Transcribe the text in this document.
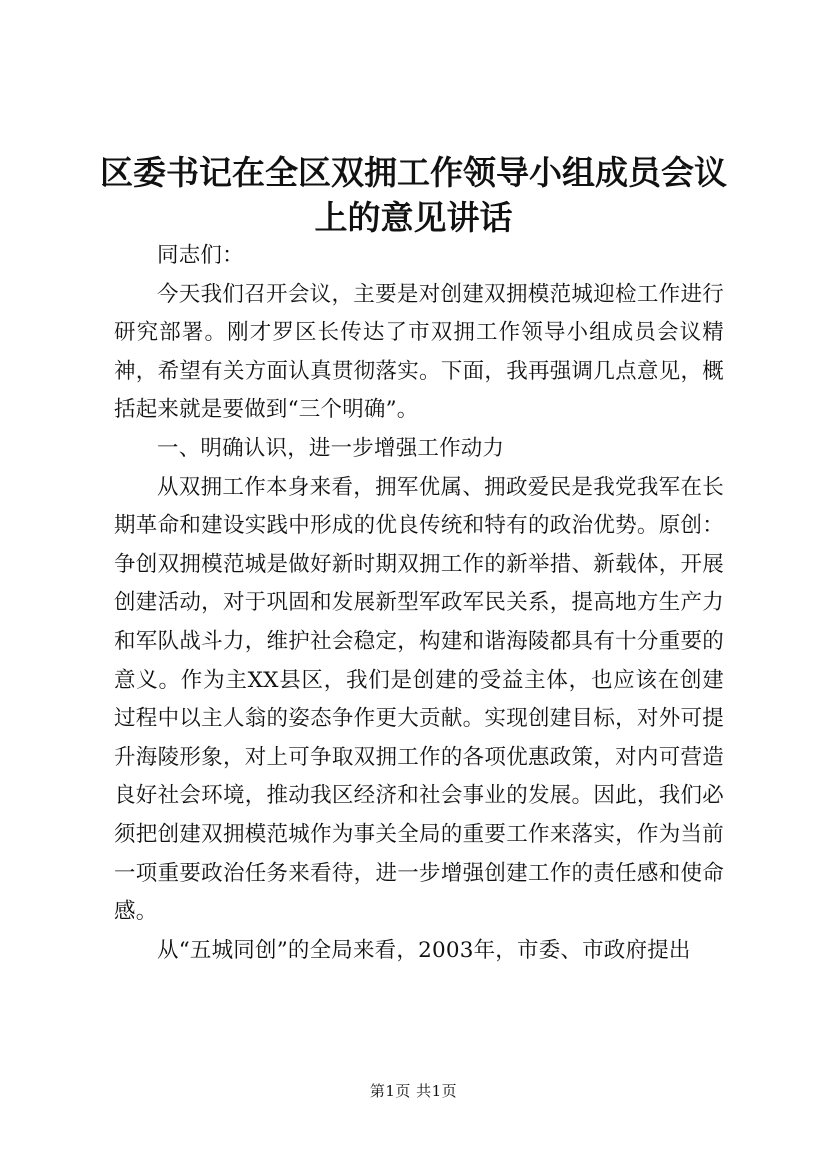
区委书记在全区双拥工作领导小组成员会议上的意见讲话

同志们：

今天我们召开会议，主要是对创建双拥模范城迎检工作进行研究部署。刚才罗区长传达了市双拥工作领导小组成员会议精神，希望有关方面认真贯彻落实。下面，我再强调几点意见，概括起来就是要做到“三个明确”。

一、明确认识，进一步增强工作动力

从双拥工作本身来看，拥军优属、拥政爱民是我党我军在长期革命和建设实践中形成的优良传统和特有的政治优势。原创：争创双拥模范城是做好新时期双拥工作的新举措、新载体，开展创建活动，对于巩固和发展新型军政军民关系，提高地方生产力和军队战斗力，维护社会稳定，构建和谐海陵都具有十分重要的意义。作为主XX县区，我们是创建的受益主体，也应该在创建过程中以主人翁的姿态争作更大贡献。实现创建目标，对外可提升海陵形象，对上可争取双拥工作的各项优惠政策，对内可营造良好社会环境，推动我区经济和社会事业的发展。因此，我们必须把创建双拥模范城作为事关全局的重要工作来落实，作为当前一项重要政治任务来看待，进一步增强创建工作的责任感和使命感。

从“五城同创”的全局来看，2003年，市委、市政府提出

第1页 共1页
